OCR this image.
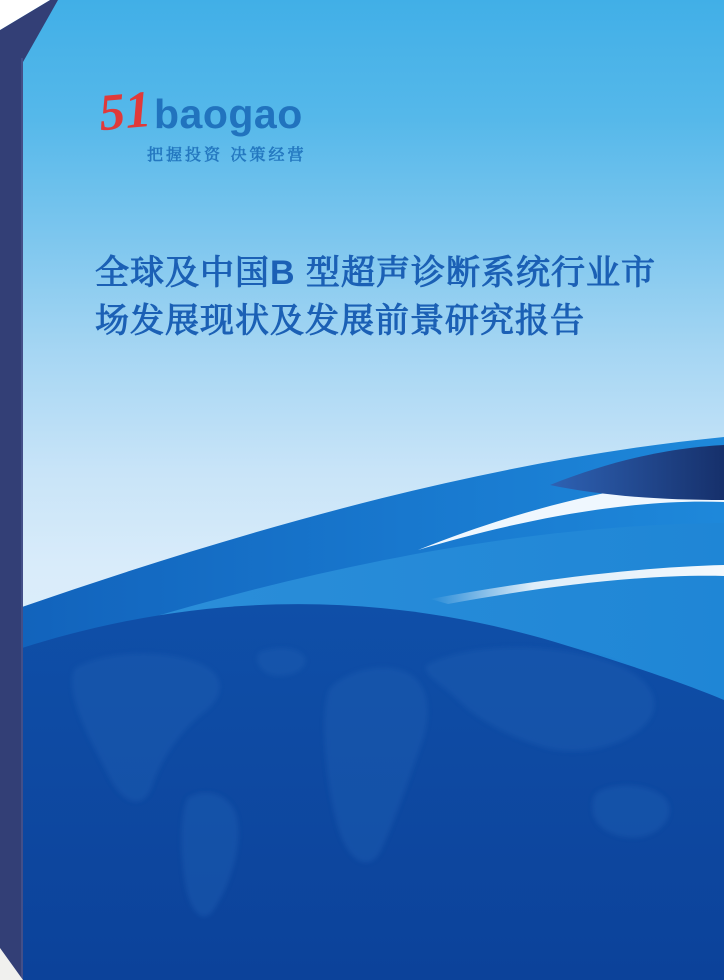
51 baogao
把握投资 决策经营
全球及中国B 型超声诊断系统行业市
场发展现状及发展前景研究报告
